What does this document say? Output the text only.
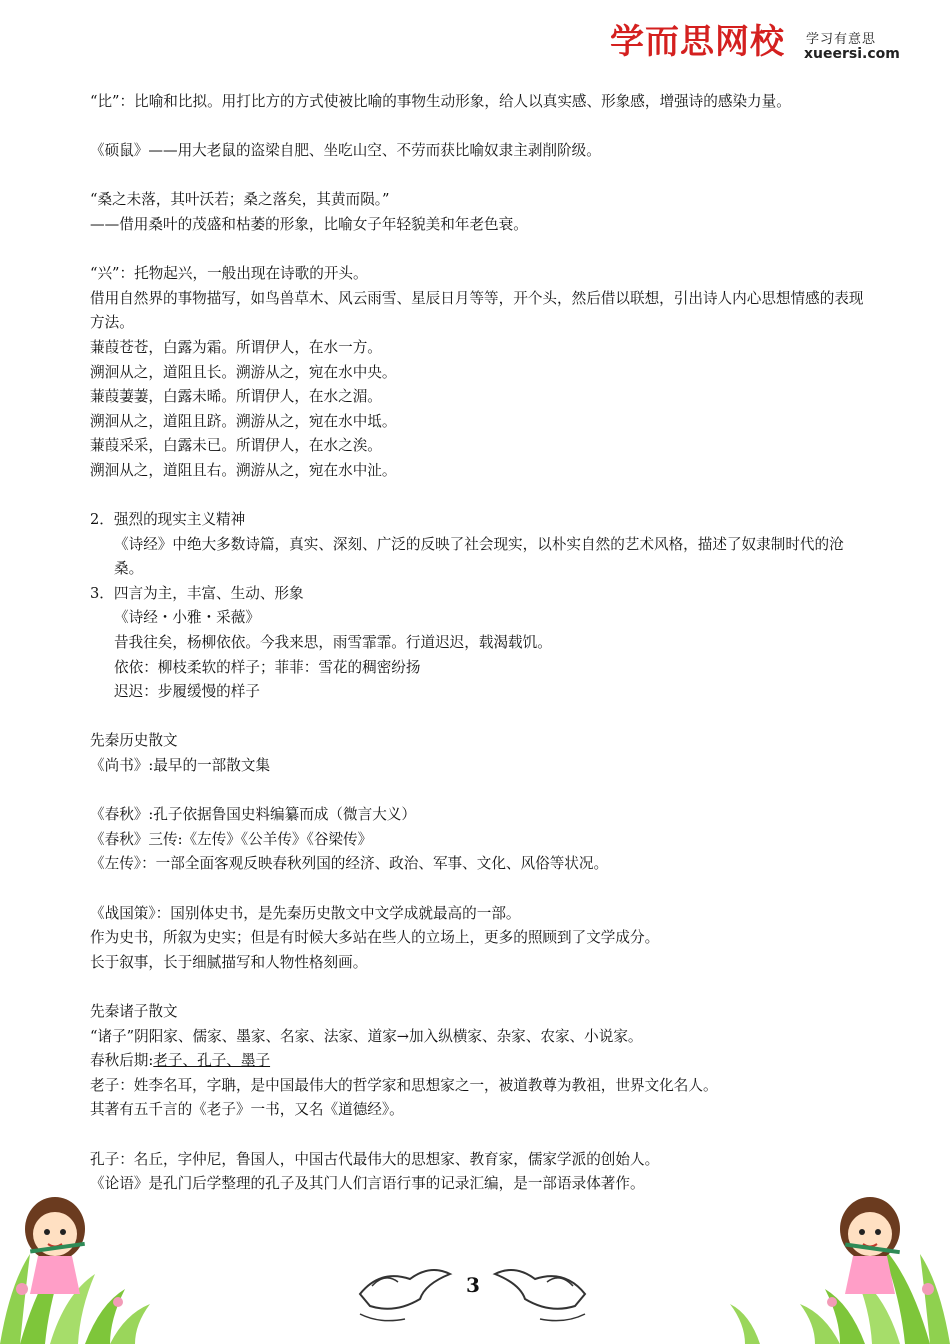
学而思网校 学习有意思
xueersi.com
“比”：比喻和比拟。用打比方的方式使被比喻的事物生动形象，给人以真实感、形象感，增强诗的感染力量。
《硕鼠》——用大老鼠的盗梁自肥、坐吃山空、不劳而获比喻奴隶主剥削阶级。
“桑之未落，其叶沃若；桑之落矣，其黄而陨。”
——借用桑叶的茂盛和枯萎的形象，比喻女子年轻貌美和年老色衰。
“兴”：托物起兴，一般出现在诗歌的开头。
借用自然界的事物描写，如鸟兽草木、风云雨雪、星辰日月等等，开个头，然后借以联想，引出诗人内心思想情感的表现方法。
蒹葭苍苍，白露为霜。所谓伊人，在水一方。
溯洄从之，道阻且长。溯游从之，宛在水中央。
蒹葭萋萋，白露未晞。所谓伊人，在水之湄。
溯洄从之，道阻且跻。溯游从之，宛在水中坻。
蒹葭采采，白露未已。所谓伊人，在水之涘。
溯洄从之，道阻且右。溯游从之，宛在水中沚。
2．强烈的现实主义精神
《诗经》中绝大多数诗篇，真实、深刻、广泛的反映了社会现实，以朴实自然的艺术风格，描述了奴隶制时代的沧桑。
3．四言为主，丰富、生动、形象
《诗经・小雅・采薇》
昔我往矣，杨柳依依。今我来思，雨雪霏霏。行道迟迟，载渴载饥。
依依：柳枝柔软的样子；菲菲：雪花的稠密纷扬
迟迟：步履缓慢的样子
先秦历史散文
《尚书》:最早的一部散文集
《春秋》:孔子依据鲁国史料编纂而成（微言大义）
《春秋》三传:《左传》《公羊传》《谷梁传》
《左传》：一部全面客观反映春秋列国的经济、政治、军事、文化、风俗等状况。
《战国策》：国别体史书，是先秦历史散文中文学成就最高的一部。
作为史书，所叙为史实；但是有时候大多站在些人的立场上，更多的照顾到了文学成分。
长于叙事，长于细腻描写和人物性格刻画。
先秦诸子散文
“诸子”阴阳家、儒家、墨家、名家、法家、道家→加入纵横家、杂家、农家、小说家。
春秋后期:老子、孔子、墨子
老子：姓李名耳，字聃，是中国最伟大的哲学家和思想家之一，被道教尊为教祖，世界文化名人。
其著有五千言的《老子》一书，又名《道德经》。
孔子：名丘，字仲尼，鲁国人，中国古代最伟大的思想家、教育家，儒家学派的创始人。
《论语》是孔门后学整理的孔子及其门人们言语行事的记录汇编，是一部语录体著作。
3
